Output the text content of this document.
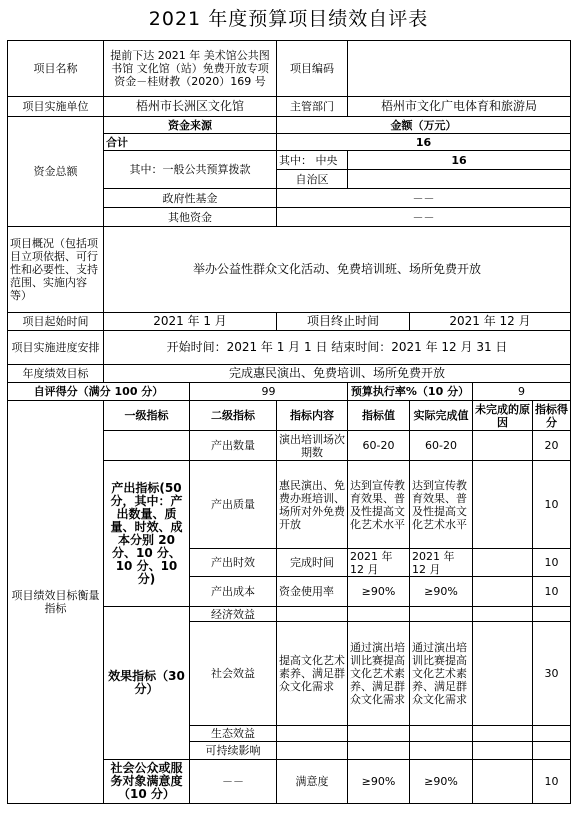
2021 年度预算项目绩效自评表
项目名称	提前下达 2021 年 美术馆公共图书馆 文化馆（站）免费开放专项资金－桂财教（2020）169 号		项目编码				
项目实施单位	梧州市长洲区文化馆		主管部门	梧州市文化广电体育和旅游局			
资金总额	资金来源		金额（万元）				
	合计		16				
	其中：一般公共预算拨款		其中： 中央	16			
			自治区				
	政府性基金		－－				
	其他资金		－－				
项目概况（包括项目立项依据、可行性和必要性、支持范围、实施内容等）	举办公益性群众文化活动、免费培训班、场所免费开放						
项目起始时间	2021 年 1 月		项目终止时间		2021 年 12 月		
项目实施进度安排	开始时间：2021 年 1 月 1 日 结束时间：2021 年 12 月 31 日						
年度绩效目标	完成惠民演出、免费培训、场所免费开放						
自评得分（满分 100 分）		99		预算执行率%（10 分）		9	
项目绩效目标衡量指标	一级指标	二级指标	指标内容	指标值	实际完成值	未完成的原因	指标得分
		产出数量	演出培训场次期数	60-20	60-20		20
	产出指标(50 分，其中：产出数量、质量、时效、成本分别 20 分、10 分、10 分、10 分)	产出质量	惠民演出、免费办班培训、场所对外免费开放	达到宣传教育效果、普及性提高文化艺术水平	达到宣传教育效果、普及性提高文化艺术水平		10
		产出时效	完成时间	2021 年 12 月	2021 年 12 月		10
		产出成本	资金使用率	≥90%	≥90%		10
	效果指标（30 分）	经济效益					
		社会效益	提高文化艺术素养、满足群众文化需求	通过演出培训比赛提高文化艺术素养、满足群众文化需求	通过演出培训比赛提高文化艺术素养、满足群众文化需求		30
		生态效益					
		可持续影响					
	社会公众或服务对象满意度（10 分）	－－	满意度	≥90%	≥90%		10
